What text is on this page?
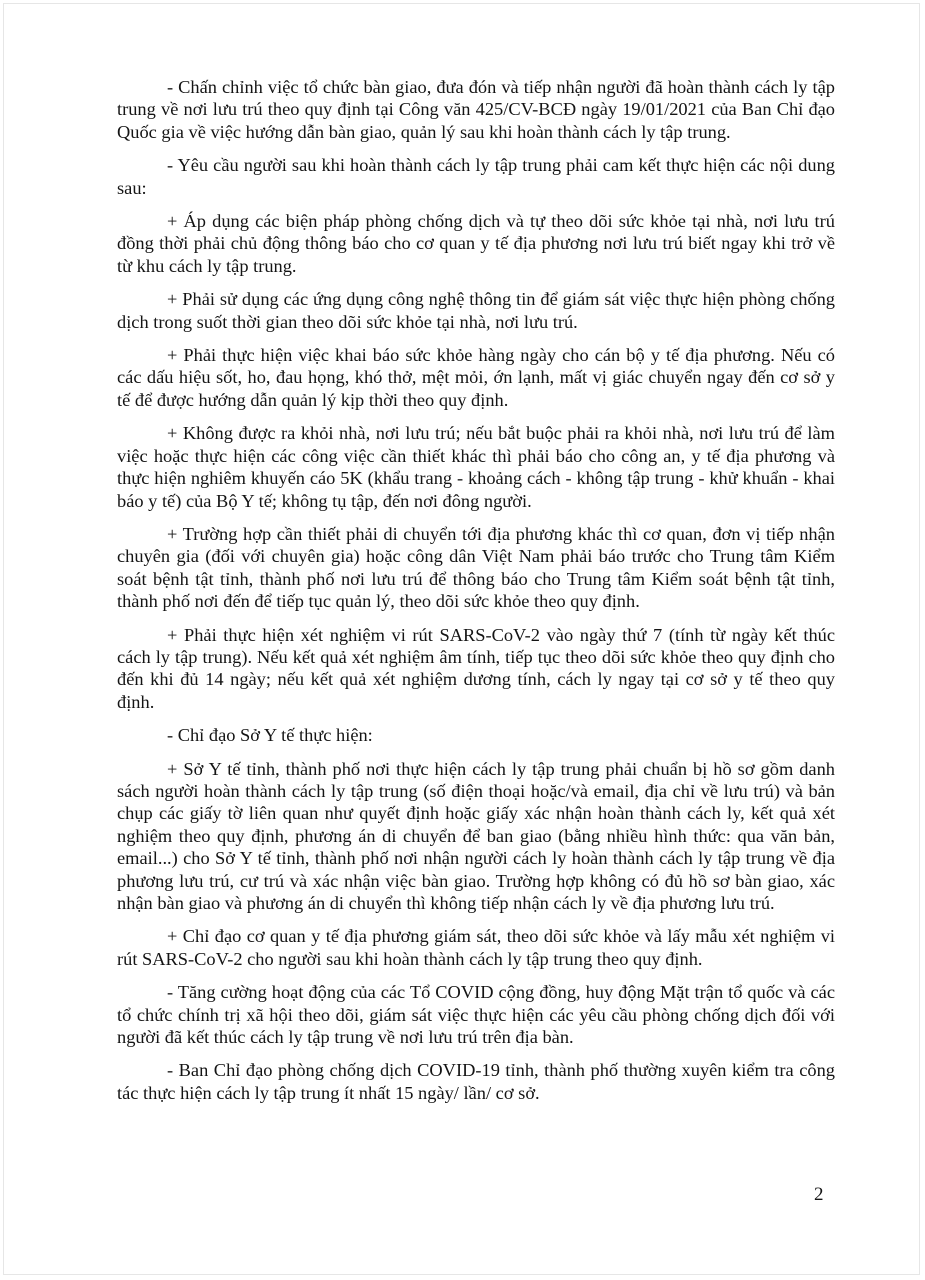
- Chấn chỉnh việc tổ chức bàn giao, đưa đón và tiếp nhận người đã hoàn thành cách ly tập trung về nơi lưu trú theo quy định tại Công văn 425/CV-BCĐ ngày 19/01/2021 của Ban Chỉ đạo Quốc gia về việc hướng dẫn bàn giao, quản lý sau khi hoàn thành cách ly tập trung.

- Yêu cầu người sau khi hoàn thành cách ly tập trung phải cam kết thực hiện các nội dung sau:

+ Áp dụng các biện pháp phòng chống dịch và tự theo dõi sức khỏe tại nhà, nơi lưu trú đồng thời phải chủ động thông báo cho cơ quan y tế địa phương nơi lưu trú biết ngay khi trở về từ khu cách ly tập trung.

+ Phải sử dụng các ứng dụng công nghệ thông tin để giám sát việc thực hiện phòng chống dịch trong suốt thời gian theo dõi sức khỏe tại nhà, nơi lưu trú.

+ Phải thực hiện việc khai báo sức khỏe hàng ngày cho cán bộ y tế địa phương. Nếu có các dấu hiệu sốt, ho, đau họng, khó thở, mệt mỏi, ớn lạnh, mất vị giác chuyển ngay đến cơ sở y tế để được hướng dẫn quản lý kịp thời theo quy định.

+ Không được ra khỏi nhà, nơi lưu trú; nếu bắt buộc phải ra khỏi nhà, nơi lưu trú để làm việc hoặc thực hiện các công việc cần thiết khác thì phải báo cho công an, y tế địa phương và thực hiện nghiêm khuyến cáo 5K (khẩu trang - khoảng cách - không tập trung - khử khuẩn - khai báo y tế) của Bộ Y tế; không tụ tập, đến nơi đông người.

+ Trường hợp cần thiết phải di chuyển tới địa phương khác thì cơ quan, đơn vị tiếp nhận chuyên gia (đối với chuyên gia) hoặc công dân Việt Nam phải báo trước cho Trung tâm Kiểm soát bệnh tật tỉnh, thành phố nơi lưu trú để thông báo cho Trung tâm Kiểm soát bệnh tật tỉnh, thành phố nơi đến để tiếp tục quản lý, theo dõi sức khỏe theo quy định.

+ Phải thực hiện xét nghiệm vi rút SARS-CoV-2 vào ngày thứ 7 (tính từ ngày kết thúc cách ly tập trung). Nếu kết quả xét nghiệm âm tính, tiếp tục theo dõi sức khỏe theo quy định cho đến khi đủ 14 ngày; nếu kết quả xét nghiệm dương tính, cách ly ngay tại cơ sở y tế theo quy định.

- Chỉ đạo Sở Y tế thực hiện:

+ Sở Y tế tỉnh, thành phố nơi thực hiện cách ly tập trung phải chuẩn bị hồ sơ gồm danh sách người hoàn thành cách ly tập trung (số điện thoại hoặc/và email, địa chỉ về lưu trú) và bản chụp các giấy tờ liên quan như quyết định hoặc giấy xác nhận hoàn thành cách ly, kết quả xét nghiệm theo quy định, phương án di chuyển để ban giao (bằng nhiều hình thức: qua văn bản, email...) cho Sở Y tế tỉnh, thành phố nơi nhận người cách ly hoàn thành cách ly tập trung về địa phương lưu trú, cư trú và xác nhận việc bàn giao. Trường hợp không có đủ hồ sơ bàn giao, xác nhận bàn giao và phương án di chuyển thì không tiếp nhận cách ly về địa phương lưu trú.

+ Chỉ đạo cơ quan y tế địa phương giám sát, theo dõi sức khỏe và lấy mẫu xét nghiệm vi rút SARS-CoV-2 cho người sau khi hoàn thành cách ly tập trung theo quy định.

- Tăng cường hoạt động của các Tổ COVID cộng đồng, huy động Mặt trận tổ quốc và các tổ chức chính trị xã hội theo dõi, giám sát việc thực hiện các yêu cầu phòng chống dịch đối với người đã kết thúc cách ly tập trung về nơi lưu trú trên địa bàn.

- Ban Chỉ đạo phòng chống dịch COVID-19 tỉnh, thành phố thường xuyên kiểm tra công tác thực hiện cách ly tập trung ít nhất 15 ngày/ lần/ cơ sở.

2
